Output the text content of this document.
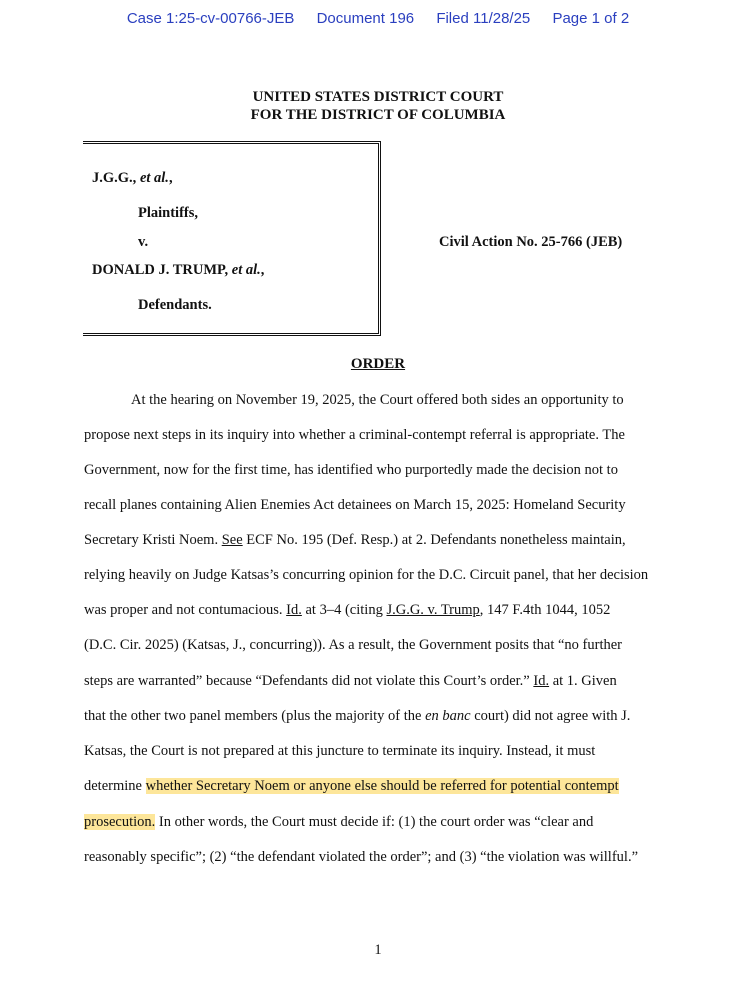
Case 1:25-cv-00766-JEB Document 196 Filed 11/28/25 Page 1 of 2
UNITED STATES DISTRICT COURT
FOR THE DISTRICT OF COLUMBIA
J.G.G., et al.,
Plaintiffs,
v.
DONALD J. TRUMP, et al.,
Defendants.
Civil Action No. 25-766 (JEB)
ORDER
At the hearing on November 19, 2025, the Court offered both sides an opportunity to
propose next steps in its inquiry into whether a criminal-contempt referral is appropriate. The
Government, now for the first time, has identified who purportedly made the decision not to
recall planes containing Alien Enemies Act detainees on March 15, 2025: Homeland Security
Secretary Kristi Noem. See ECF No. 195 (Def. Resp.) at 2. Defendants nonetheless maintain,
relying heavily on Judge Katsas’s concurring opinion for the D.C. Circuit panel, that her decision
was proper and not contumacious. Id. at 3–4 (citing J.G.G. v. Trump, 147 F.4th 1044, 1052
(D.C. Cir. 2025) (Katsas, J., concurring)). As a result, the Government posits that “no further
steps are warranted” because “Defendants did not violate this Court’s order.” Id. at 1. Given
that the other two panel members (plus the majority of the en banc court) did not agree with J.
Katsas, the Court is not prepared at this juncture to terminate its inquiry. Instead, it must
determine whether Secretary Noem or anyone else should be referred for potential contempt
prosecution. In other words, the Court must decide if: (1) the court order was “clear and
reasonably specific”; (2) “the defendant violated the order”; and (3) “the violation was willful.”
1
